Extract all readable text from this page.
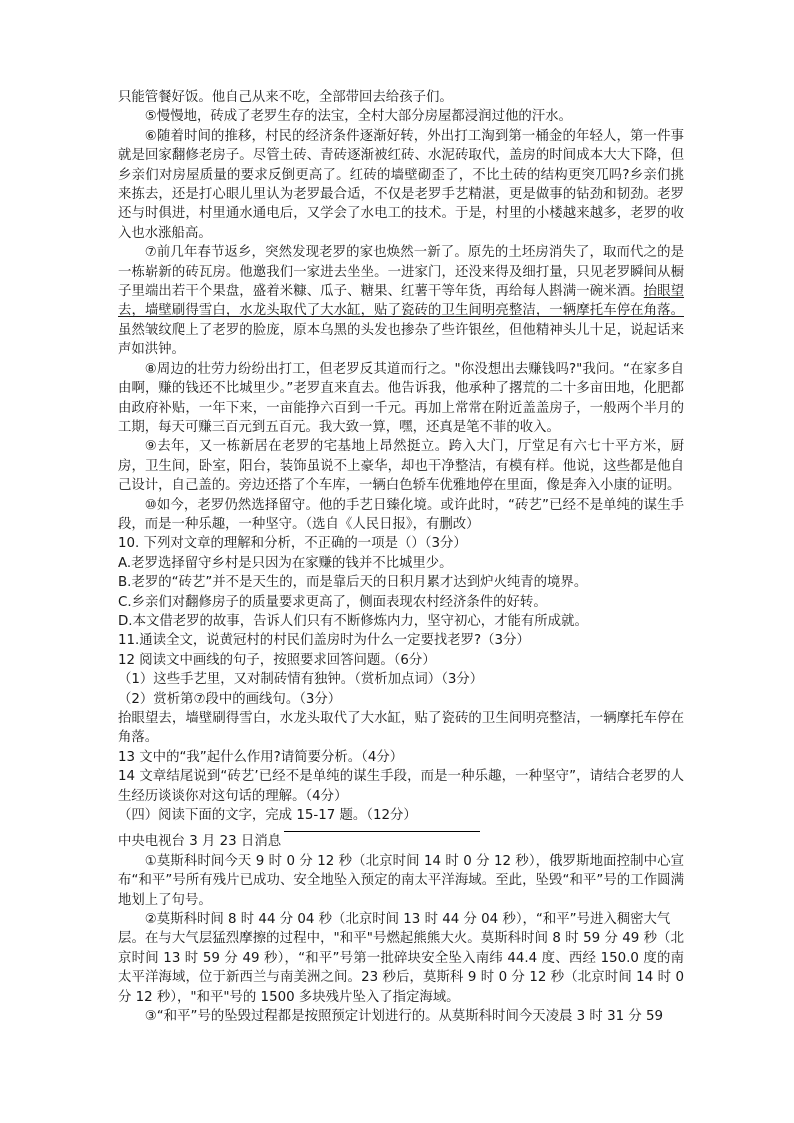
只能管餐好饭。他自己从来不吃，全部带回去给孩子们。

⑤慢慢地，砖成了老罗生存的法宝，全村大部分房屋都浸润过他的汗水。

⑥随着时间的推移，村民的经济条件逐渐好转，外出打工淘到第一桶金的年轻人，第一件事就是回家翻修老房子。尽管土砖、青砖逐渐被红砖、水泥砖取代，盖房的时间成本大大下降，但乡亲们对房屋质量的要求反倒更高了。红砖的墙壁砌歪了，不比土砖的结构更突兀吗?乡亲们挑来拣去，还是打心眼儿里认为老罗最合适，不仅是老罗手艺精湛，更是做事的钻劲和韧劲。老罗还与时俱进，村里通水通电后，又学会了水电工的技术。于是，村里的小楼越来越多，老罗的收入也水涨船高。

⑦前几年春节返乡，突然发现老罗的家也焕然一新了。原先的土坯房消失了，取而代之的是一栋崭新的砖瓦房。他邀我们一家进去坐坐。一进家门，还没来得及细打量，只见老罗瞬间从橱子里端出若干个果盘，盛着米糠、瓜子、糖果、红薯干等年货，再给每人斟满一碗米酒。抬眼望去，墙壁刷得雪白，水龙头取代了大水缸，贴了瓷砖的卫生间明亮整洁，一辆摩托车停在角落。虽然皱纹爬上了老罗的脸庞，原本乌黑的头发也掺杂了些许银丝，但他精神头儿十足，说起话来声如洪钟。

⑧周边的壮劳力纷纷出打工，但老罗反其道而行之。"你没想出去赚钱吗?"我问。“在家多自由啊，赚的钱还不比城里少。”老罗直来直去。他告诉我，他承种了撂荒的二十多亩田地，化肥都由政府补贴，一年下来，一亩能挣六百到一千元。再加上常常在附近盖盖房子，一般两个半月的工期，每天可赚三百元到五百元。我大致一算，嘿，还真是笔不菲的收入。

⑨去年，又一栋新居在老罗的宅基地上昂然挺立。跨入大门，厅堂足有六七十平方米，厨房，卫生间，卧室，阳台，装饰虽说不上豪华，却也干净整洁，有模有样。他说，这些都是他自己设计，自己盖的。旁边还搭了个车库，一辆白色轿车优雅地停在里面，像是奔入小康的证明。

⑩如今，老罗仍然选择留守。他的手艺日臻化境。或许此时，“砖艺”已经不是单纯的谋生手段，而是一种乐趣，一种坚守。（选自《人民日报》，有删改）

10. 下列对文章的理解和分析，不正确的一项是（）（3分）

A.老罗选择留守乡村是只因为在家赚的钱并不比城里少。

B.老罗的“砖艺”并不是天生的，而是靠后天的日积月累才达到炉火纯青的境界。

C.乡亲们对翻修房子的质量要求更高了，侧面表现农村经济条件的好转。

D.本文借老罗的故事，告诉人们只有不断修炼内力，坚守初心，才能有所成就。

11.通读全文，说黄冠村的村民们盖房时为什么一定要找老罗?（3分）

12 阅读文中画线的句子，按照要求回答问题。（6分）

（1）这些手艺里，又对制砖情有独钟。（赏析加点词）（3分）

（2）赏析第⑦段中的画线句。（3分）

抬眼望去，墙壁刷得雪白，水龙头取代了大水缸，贴了瓷砖的卫生间明亮整洁，一辆摩托车停在角落。

13 文中的“我”起什么作用?请简要分析。（4分）

14 文章结尾说到“砖艺’已经不是单纯的谋生手段，而是一种乐趣，一种坚守”，请结合老罗的人生经历谈谈你对这句话的理解。（4分）

（四）阅读下面的文字，完成 15-17 题。（12分）

中央电视台 3 月 23 日消息

①莫斯科时间今天 9 时 0 分 12 秒（北京时间 14 时 0 分 12 秒），俄罗斯地面控制中心宣布“和平”号所有残片已成功、安全地坠入预定的南太平洋海域。至此，坠毁“和平”号的工作圆满地划上了句号。

②莫斯科时间 8 时 44 分 04 秒（北京时间 13 时 44 分 04 秒），“和平”号进入稠密大气

层。在与大气层猛烈摩擦的过程中，"和平"号燃起熊熊大火。莫斯科时间 8 时 59 分 49 秒（北京时间 13 时 59 分 49 秒），“和平”号第一批碎块安全坠入南纬 44.4 度、西经 150.0 度的南太平洋海域，位于新西兰与南美洲之间。23 秒后，莫斯科 9 时 0 分 12 秒（北京时间 14 时 0 分 12 秒），"和平"号的 1500 多块残片坠入了指定海域。

③“和平”号的坠毁过程都是按照预定计划进行的。从莫斯科时间今天凌晨 3 时 31 分 59
